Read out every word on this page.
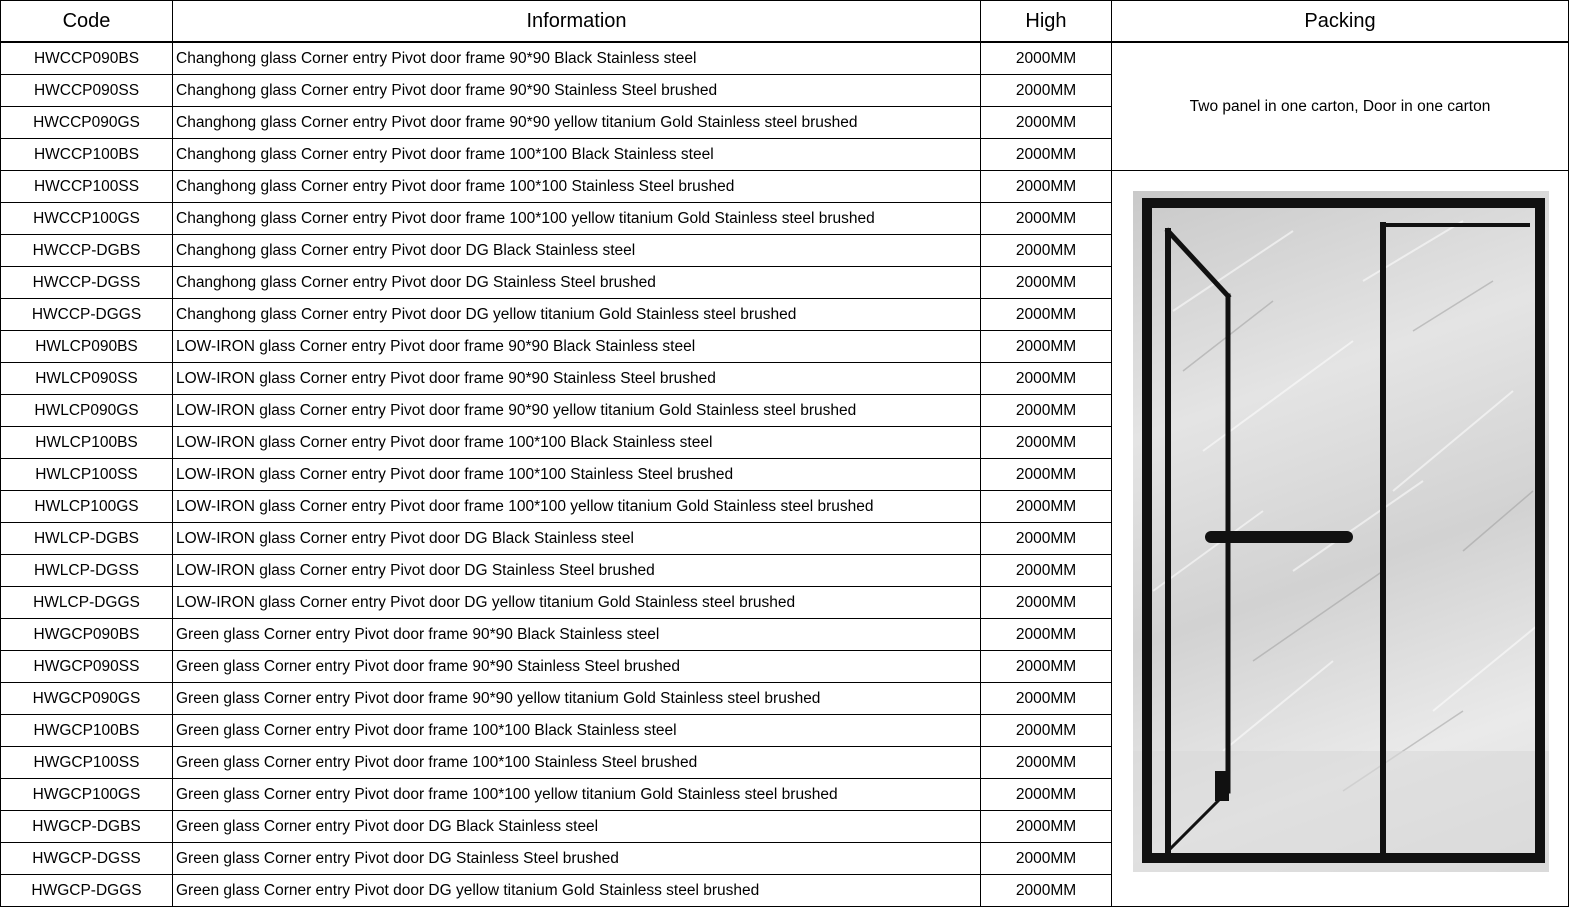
Code	Information	High	Packing
HWCCP090BS	Changhong glass Corner entry Pivot door frame 90*90 Black Stainless steel	2000MM	Two panel in one carton, Door in one carton
HWCCP090SS	Changhong glass Corner entry Pivot door frame 90*90 Stainless Steel brushed	2000MM	
HWCCP090GS	Changhong glass Corner entry Pivot door frame 90*90 yellow titanium Gold Stainless steel brushed	2000MM	
HWCCP100BS	Changhong glass Corner entry Pivot door frame 100*100 Black Stainless steel	2000MM	
HWCCP100SS	Changhong glass Corner entry Pivot door frame 100*100 Stainless Steel brushed	2000MM	

HWCCP100GS	Changhong glass Corner entry Pivot door frame 100*100 yellow titanium Gold Stainless steel brushed	2000MM	
HWCCP-DGBS	Changhong glass Corner entry Pivot door DG Black Stainless steel	2000MM	
HWCCP-DGSS	Changhong glass Corner entry Pivot door DG Stainless Steel brushed	2000MM	
HWCCP-DGGS	Changhong glass Corner entry Pivot door DG yellow titanium Gold Stainless steel brushed	2000MM	
HWLCP090BS	LOW-IRON glass Corner entry Pivot door frame 90*90 Black Stainless steel	2000MM	
HWLCP090SS	LOW-IRON glass Corner entry Pivot door frame 90*90 Stainless Steel brushed	2000MM	
HWLCP090GS	LOW-IRON glass Corner entry Pivot door frame 90*90 yellow titanium Gold Stainless steel brushed	2000MM	
HWLCP100BS	LOW-IRON glass Corner entry Pivot door frame 100*100 Black Stainless steel	2000MM	
HWLCP100SS	LOW-IRON glass Corner entry Pivot door frame 100*100 Stainless Steel brushed	2000MM	
HWLCP100GS	LOW-IRON glass Corner entry Pivot door frame 100*100 yellow titanium Gold Stainless steel brushed	2000MM	
HWLCP-DGBS	LOW-IRON glass Corner entry Pivot door DG Black Stainless steel	2000MM	
HWLCP-DGSS	LOW-IRON glass Corner entry Pivot door DG Stainless Steel brushed	2000MM	
HWLCP-DGGS	LOW-IRON glass Corner entry Pivot door DG yellow titanium Gold Stainless steel brushed	2000MM	
HWGCP090BS	Green glass Corner entry Pivot door frame 90*90 Black Stainless steel	2000MM	
HWGCP090SS	Green glass Corner entry Pivot door frame 90*90 Stainless Steel brushed	2000MM	
HWGCP090GS	Green glass Corner entry Pivot door frame 90*90 yellow titanium Gold Stainless steel brushed	2000MM	
HWGCP100BS	Green glass Corner entry Pivot door frame 100*100 Black Stainless steel	2000MM	
HWGCP100SS	Green glass Corner entry Pivot door frame 100*100 Stainless Steel brushed	2000MM	
HWGCP100GS	Green glass Corner entry Pivot door frame 100*100 yellow titanium Gold Stainless steel brushed	2000MM	
HWGCP-DGBS	Green glass Corner entry Pivot door DG Black Stainless steel	2000MM	
HWGCP-DGSS	Green glass Corner entry Pivot door DG Stainless Steel brushed	2000MM	
HWGCP-DGGS	Green glass Corner entry Pivot door DG yellow titanium Gold Stainless steel brushed	2000MM	
